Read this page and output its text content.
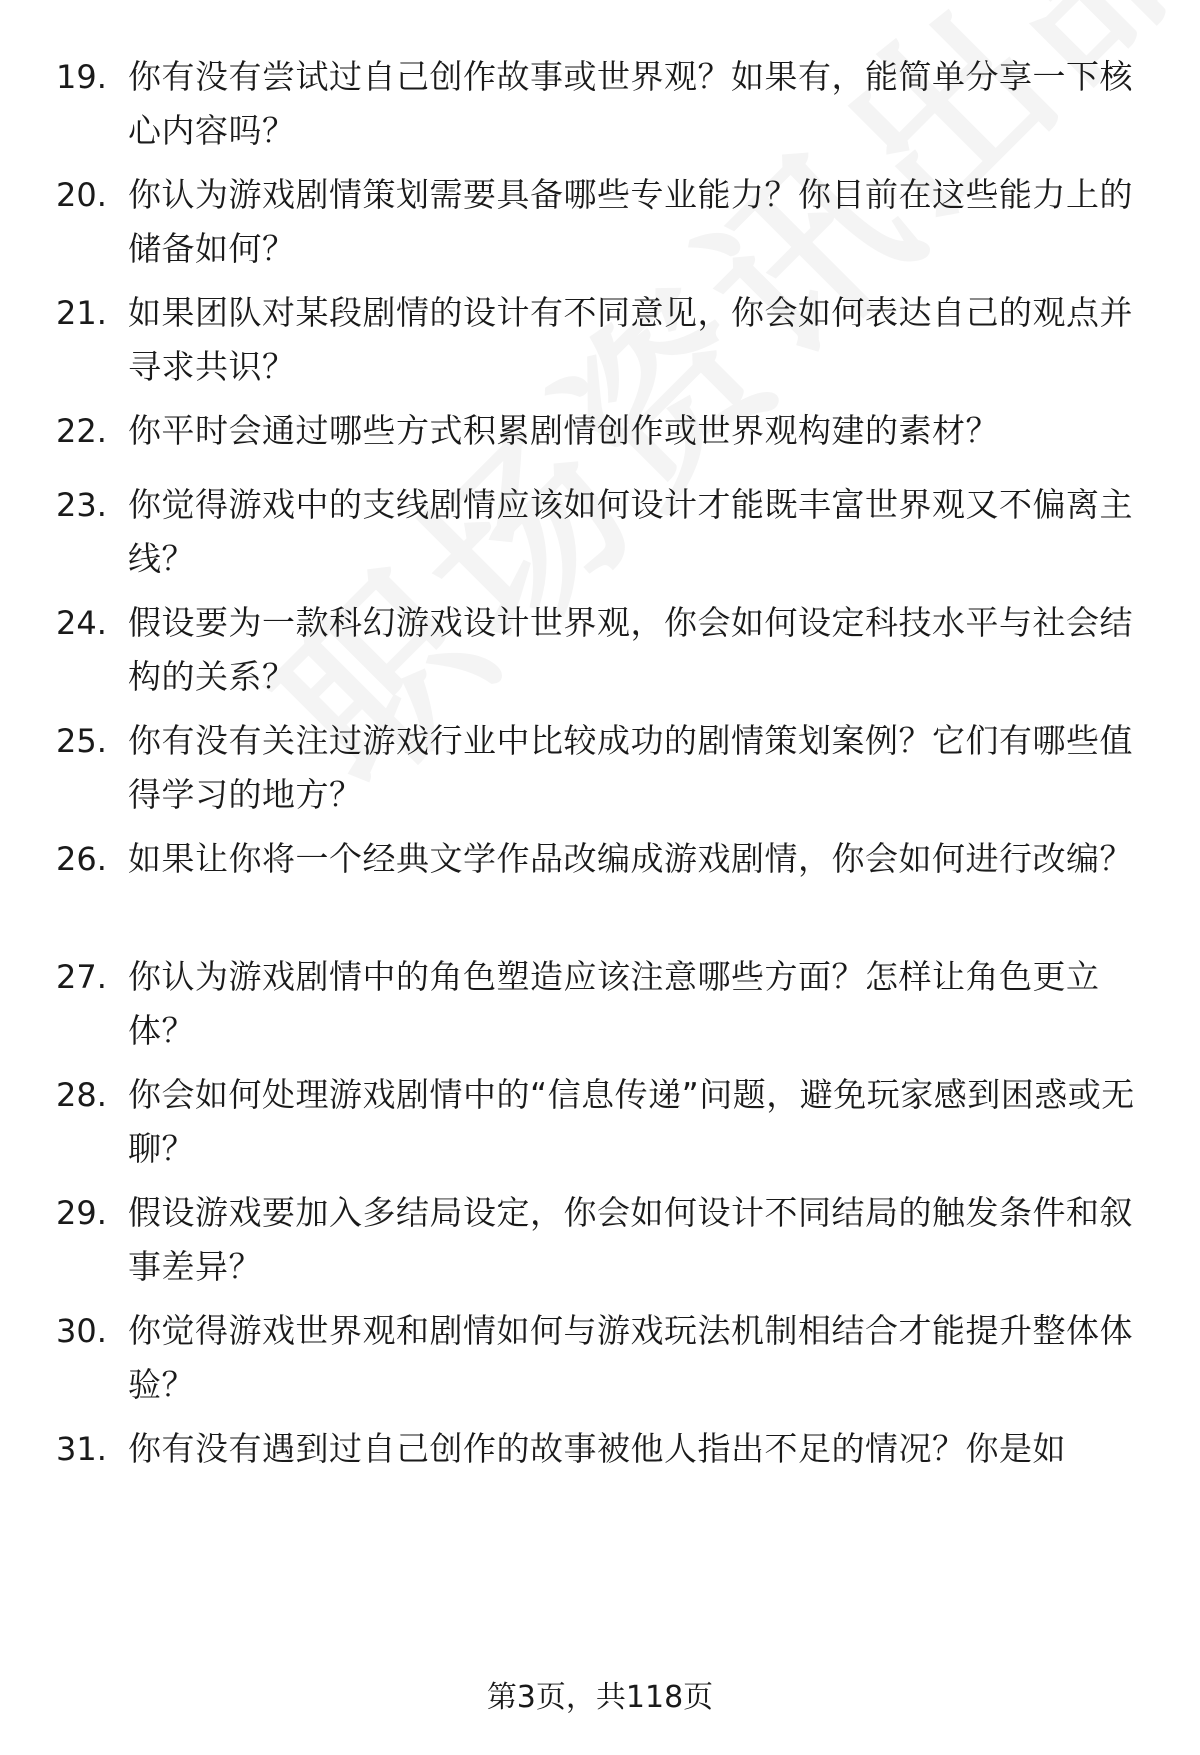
19. 你有没有尝试过自己创作故事或世界观？如果有，能简单分享一下核心内容吗？
20. 你认为游戏剧情策划需要具备哪些专业能力？你目前在这些能力上的储备如何？
21. 如果团队对某段剧情的设计有不同意见，你会如何表达自己的观点并寻求共识？
22. 你平时会通过哪些方式积累剧情创作或世界观构建的素材？
23. 你觉得游戏中的支线剧情应该如何设计才能既丰富世界观又不偏离主线？
24. 假设要为一款科幻游戏设计世界观，你会如何设定科技水平与社会结构的关系？
25. 你有没有关注过游戏行业中比较成功的剧情策划案例？它们有哪些值得学习的地方？
26. 如果让你将一个经典文学作品改编成游戏剧情，你会如何进行改编？
27. 你认为游戏剧情中的角色塑造应该注意哪些方面？怎样让角色更立体？
28. 你会如何处理游戏剧情中的“信息传递”问题，避免玩家感到困惑或无聊？
29. 假设游戏要加入多结局设定，你会如何设计不同结局的触发条件和叙事差异？
30. 你觉得游戏世界观和剧情如何与游戏玩法机制相结合才能提升整体体验？
31. 你有没有遇到过自己创作的故事被他人指出不足的情况？你是如
第3页，共118页
